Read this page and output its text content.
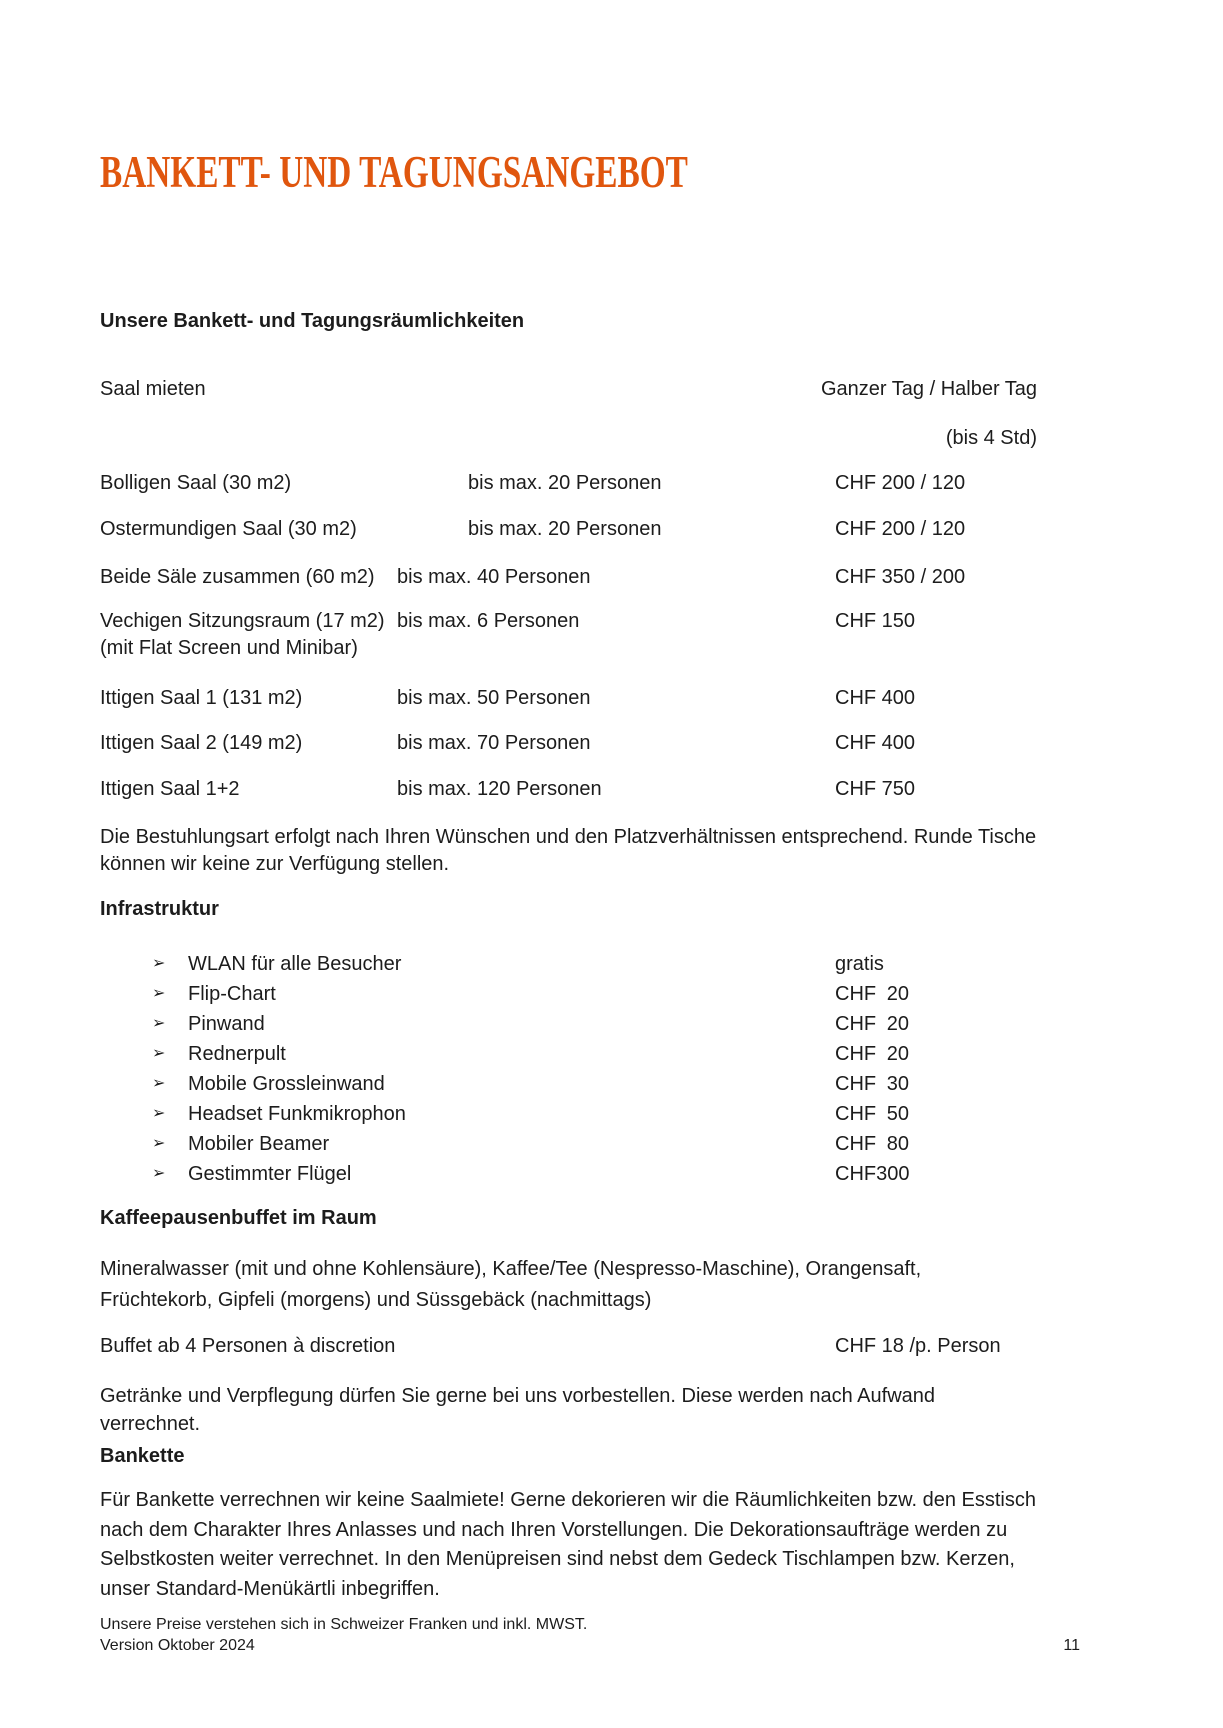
BANKETT- UND TAGUNGSANGEBOT
Unsere Bankett- und Tagungsräumlichkeiten
Saal mieten	Ganzer Tag / Halber Tag
(bis 4 Std)
Bolligen Saal (30 m2)	bis max. 20 Personen	CHF 200 / 120
Ostermundigen Saal (30 m2)	bis max. 20 Personen	CHF 200 / 120
Beide Säle zusammen (60 m2)	bis max. 40 Personen	CHF 350 / 200
Vechigen Sitzungsraum (17 m2)
(mit Flat Screen und Minibar)
bis max. 6 Personen	CHF 150
Ittigen Saal 1 (131 m2)	bis max. 50 Personen	CHF 400
Ittigen Saal 2 (149 m2)	bis max. 70 Personen	CHF 400
Ittigen Saal 1+2	bis max. 120 Personen	CHF 750
Die Bestuhlungsart erfolgt nach Ihren Wünschen und den Platzverhältnissen entsprechend. Runde Tische
können wir keine zur Verfügung stellen.
Infrastruktur
➢ WLAN für alle Besucher	gratis
➢ Flip-Chart	CHF 20
➢ Pinwand	CHF 20
➢ Rednerpult	CHF 20
➢ Mobile Grossleinwand	CHF 30
➢ Headset Funkmikrophon	CHF 50
➢ Mobiler Beamer	CHF 80
➢ Gestimmter Flügel	CHF 300
Kaffeepausenbuffet im Raum
Mineralwasser (mit und ohne Kohlensäure), Kaffee/Tee (Nespresso-Maschine), Orangensaft,
Früchtekorb, Gipfeli (morgens) und Süssgebäck (nachmittags)
Buffet ab 4 Personen à discretion	CHF 18 /p. Person
Getränke und Verpflegung dürfen Sie gerne bei uns vorbestellen. Diese werden nach Aufwand
verrechnet.
Bankette
Für Bankette verrechnen wir keine Saalmiete! Gerne dekorieren wir die Räumlichkeiten bzw. den Esstisch
nach dem Charakter Ihres Anlasses und nach Ihren Vorstellungen. Die Dekorationsaufträge werden zu
Selbstkosten weiter verrechnet. In den Menüpreisen sind nebst dem Gedeck Tischlampen bzw. Kerzen,
unser Standard-Menükärtli inbegriffen.
Unsere Preise verstehen sich in Schweizer Franken und inkl. MWST.
Version Oktober 2024	11
